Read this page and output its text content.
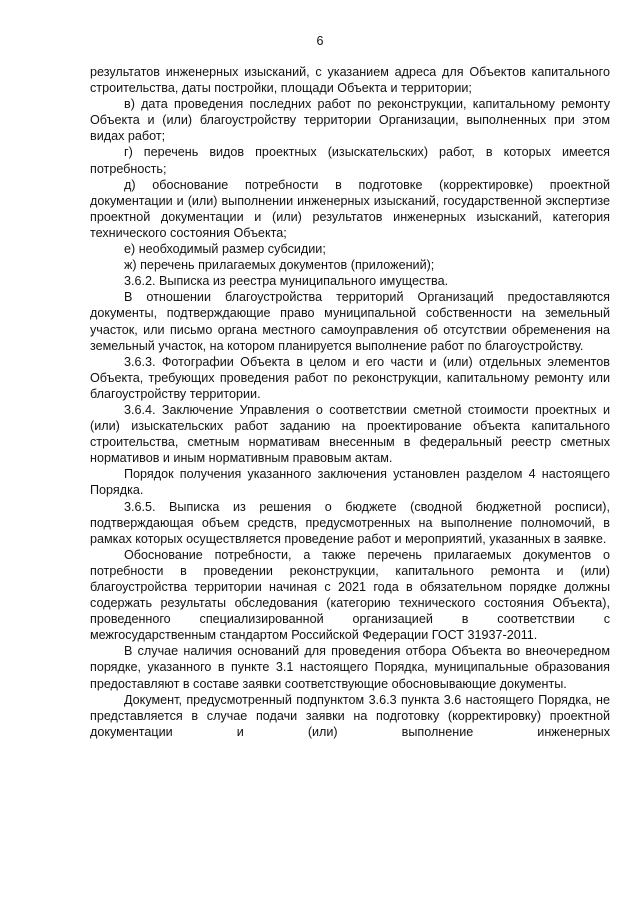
6

результатов инженерных изысканий, с указанием адреса для Объектов капитального строительства, даты постройки, площади Объекта и территории;

в) дата проведения последних работ по реконструкции, капитальному ремонту Объекта и (или) благоустройству территории Организации, выполненных при этом видах работ;

г) перечень видов проектных (изыскательских) работ, в которых имеется потребность;

д) обоснование потребности в подготовке (корректировке) проектной документации и (или) выполнении инженерных изысканий, государственной экспертизе проектной документации и (или) результатов инженерных изысканий, категория технического состояния Объекта;

е) необходимый размер субсидии;

ж) перечень прилагаемых документов (приложений);

3.6.2. Выписка из реестра муниципального имущества.

В отношении благоустройства территорий Организаций предоставляются документы, подтверждающие право муниципальной собственности на земельный участок, или письмо органа местного самоуправления об отсутствии обременения на земельный участок, на котором планируется выполнение работ по благоустройству.

3.6.3. Фотографии Объекта в целом и его части и (или) отдельных элементов Объекта, требующих проведения работ по реконструкции, капитальному ремонту или благоустройству территории.

3.6.4. Заключение Управления о соответствии сметной стоимости проектных и (или) изыскательских работ заданию на проектирование объекта капитального строительства, сметным нормативам внесенным в федеральный реестр сметных нормативов и иным нормативным правовым актам.

Порядок получения указанного заключения установлен разделом 4 настоящего Порядка.

3.6.5. Выписка из решения о бюджете (сводной бюджетной росписи), подтверждающая объем средств, предусмотренных на выполнение полномочий, в рамках которых осуществляется проведение работ и мероприятий, указанных в заявке.

Обоснование потребности, а также перечень прилагаемых документов о потребности в проведении реконструкции, капитального ремонта и (или) благоустройства территории начиная с 2021 года в обязательном порядке должны содержать результаты обследования (категорию технического состояния Объекта), проведенного специализированной организацией в соответствии с межгосударственным стандартом Российской Федерации ГОСТ 31937-2011.

В случае наличия оснований для проведения отбора Объекта во внеочередном порядке, указанного в пункте 3.1 настоящего Порядка, муниципальные образования предоставляют в составе заявки соответствующие обосновывающие документы.

Документ, предусмотренный подпунктом 3.6.3 пункта 3.6 настоящего Порядка, не представляется в случае подачи заявки на подготовку (корректировку) проектной документации и (или) выполнение инженерных
